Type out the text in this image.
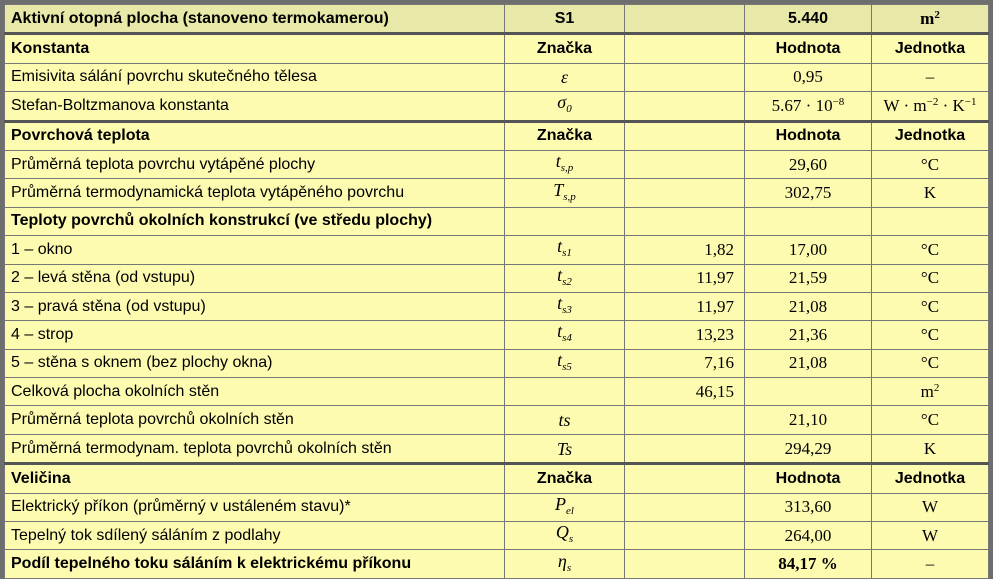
Aktivní otopná plocha (stanoveno termokamerou)	S1		5.440	$m^2$
Konstanta	Značka		Hodnota	Jednotka
Emisivita sálání povrchu skutečného tělesa	ε		0,95	–
Stefan-Boltzmanova konstanta	$\sigma_0$		$5.67 \cdot 10^{-8}$	$W \cdot m^{-2} \cdot K^{-1}$
Povrchová teplota	Značka		Hodnota	Jednotka
Průměrná teplota povrchu vytápěné plochy	$t_{s,p}$		29,60	°C
Průměrná termodynamická teplota vytápěného povrchu	$T_{s,p}$		302,75	K
Teploty povrchů okolních konstrukcí (ve středu plochy)				
1 – okno	$t_{s1}$	1,82	17,00	°C
2 – levá stěna (od vstupu)	$t_{s2}$	11,97	21,59	°C
3 – pravá stěna (od vstupu)	$t_{s3}$	11,97	21,08	°C
4 – strop	$t_{s4}$	13,23	21,36	°C
5 – stěna s oknem (bez plochy okna)	$t_{s5}$	7,16	21,08	°C
Celková plocha okolních stěn		46,15		$m^2$
Průměrná teplota povrchů okolních stěn	ts		21,10	°C
Průměrná termodynam. teplota povrchů okolních stěn	Ts		294,29	K
Veličina	Značka		Hodnota	Jednotka
Elektrický příkon (průměrný v ustáleném stavu)*	$P_{el}$		313,60	W
Tepelný tok sdílený sáláním z podlahy	$Q_s$		264,00	W
Podíl tepelného toku sáláním k elektrickému příkonu	$\eta_s$		84,17 %	–
